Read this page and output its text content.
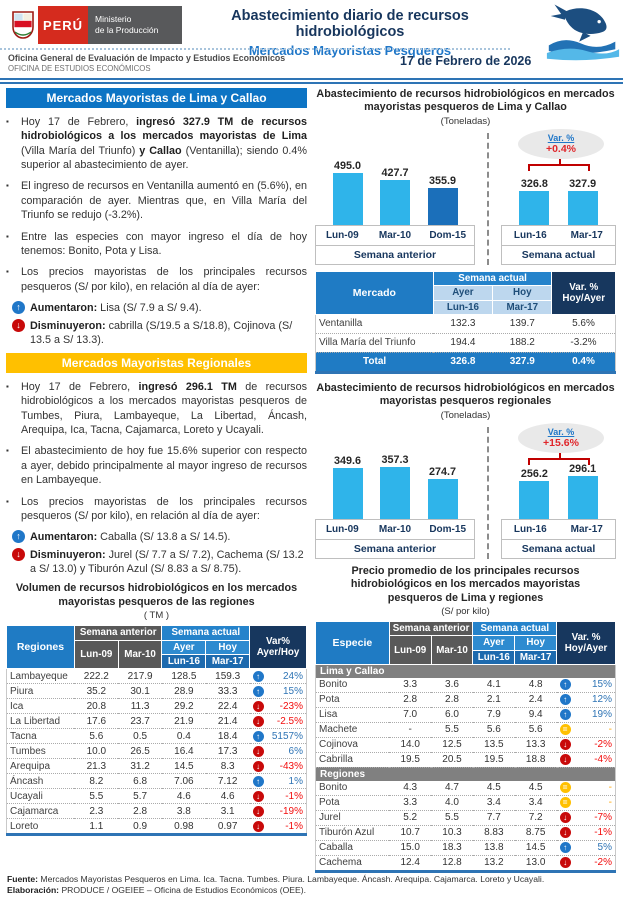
PERÚ	Ministerio
de la Producción
Abastecimiento diario de recursos hidrobiológicos
Mercados Mayoristas Pesqueros
Oficina General de Evaluación de Impacto y Estudios Económicos
OFICINA DE ESTUDIOS ECONÓMICOS
17 de Febrero de 2026
Mercados Mayoristas de Lima y Callao
▪	Hoy 17 de Febrero, ingresó 327.9 TM de recursos hidrobiológicos a los mercados mayoristas de Lima (Villa María del Triunfo) y Callao (Ventanilla); siendo 0.4% superior al abastecimiento de ayer.

▪	El ingreso de recursos en Ventanilla aumentó en (5.6%), en comparación de ayer. Mientras que, en Villa María del Triunfo se redujo (-3.2%).

▪	Entre las especies con mayor ingreso el día de hoy tenemos: Bonito, Pota y Lisa.

▪	Los precios mayoristas de los principales recursos pesqueros (S/ por kilo), en relación al día de ayer:

↑ Aumentaron: Lisa (S/ 7.9 a S/ 9.4).
↓ Disminuyeron: cabrilla (S/19.5 a S/18.8), Cojinova (S/ 13.5 a S/ 13.3).
Mercados Mayoristas Regionales
▪	Hoy 17 de Febrero, ingresó 296.1 TM de recursos hidrobiológicos a los mercados mayoristas pesqueros de Tumbes, Piura, Lambayeque, La Libertad, Áncash, Arequipa, Ica, Tacna, Cajamarca, Loreto y Ucayali.

▪	El abastecimiento de hoy fue 15.6% superior con respecto a ayer, debido principalmente al mayor ingreso de recursos en Lambayeque.

▪	Los precios mayoristas de los principales recursos pesqueros (S/ por kilo), en relación al día de ayer:

↑ Aumentaron: Caballa (S/ 13.8 a S/ 14.5).
↓ Disminuyeron: Jurel (S/ 7.7 a S/ 7.2), Cachema (S/ 13.2 a S/ 13.0) y Tiburón Azul (S/ 8.83 a S/ 8.75).
Volumen de recursos hidrobiológicos en los mercados
mayoristas pesqueros de las regiones
( TM )
Regiones	Semana anterior		Semana actual		Var%
Ayer/Hoy
	Lun-09	Mar-10	Ayer	Hoy	
			Lun-16	Mar-17	
Lambayeque	222.2	217.9	128.5	159.3	↑ 24%

Piura	35.2	30.1	28.9	33.3	↑ 15%

Ica	20.8	11.3	29.2	22.4	↓ -23%

La Libertad	17.6	23.7	21.9	21.4	↓ -2.5%

Tacna	5.6	0.5	0.4	18.4	↑ 5157%

Tumbes	10.0	26.5	16.4	17.3	↓ 6%

Arequipa	21.3	31.2	14.5	8.3	↓ -43%

Áncash	8.2	6.8	7.06	7.12	↑ 1%

Ucayali	5.5	5.7	4.6	4.6	↓ -1%

Cajamarca	2.3	2.8	3.8	3.1	↓ -19%

Loreto	1.1	0.9	0.98	0.97	↓ -1%
Abastecimiento de recursos hidrobiológicos en mercados mayoristas pesqueros de Lima y Callao
(Toneladas)
Var. %
+0.4%
495.0
427.7
355.9	326.8 327.9
Lun-09	Mar-10	Dom-15
Semana anterior
Lun-16	Mar-17
Semana actual
Mercado	Semana actual		Var. %
Hoy/Ayer
	Ayer	Hoy	
	Lun-16	Mar-17	
Ventanilla	132.3	139.7	5.6%
Villa María del Triunfo	194.4	188.2	-3.2%
Total	326.8	327.9	0.4%
Abastecimiento de recursos hidrobiológicos en mercados mayoristas pesqueros regionales
(Toneladas)
Var. %
+15.6%
349.6 357.3
274.7	256.2 296.1
Lun-09	Mar-10	Dom-15
Semana anterior
Lun-16	Mar-17
Semana actual
Precio promedio de los principales recursos
hidrobiológicos en los mercados mayoristas
pesqueros de Lima y regiones
(S/ por kilo)
Especie	Semana anterior		Semana actual		Var. %
Hoy/Ayer
	Lun-09	Mar-10	Ayer	Hoy	
			Lun-16	Mar-17	
Lima y Callao					
Bonito	3.3	3.6	4.1	4.8	↑ 15%

Pota	2.8	2.8	2.1	2.4	↑ 12%

Lisa	7.0	6.0	7.9	9.4	↑ 19%

Machete	-	5.5	5.6	5.6	= -

Cojinova	14.0	12.5	13.5	13.3	↓ -2%

Cabrilla	19.5	20.5	19.5	18.8	↓ -4%

Regiones					
Bonito	4.3	4.7	4.5	4.5	= -

Pota	3.3	4.0	3.4	3.4	= -

Jurel	5.2	5.5	7.7	7.2	↓ -7%

Tiburón Azul	10.7	10.3	8.83	8.75	↓ -1%

Caballa	15.0	18.3	13.8	14.5	↑ 5%

Cachema	12.4	12.8	13.2	13.0	↓ -2%
Fuente: Mercados Mayoristas Pesqueros en Lima. Ica. Tacna. Tumbes. Piura. Lambayeque. Áncash. Arequipa. Cajamarca. Loreto y Ucayali.
Elaboración: PRODUCE / OGEIEE – Oficina de Estudios Económicos (OEE).
